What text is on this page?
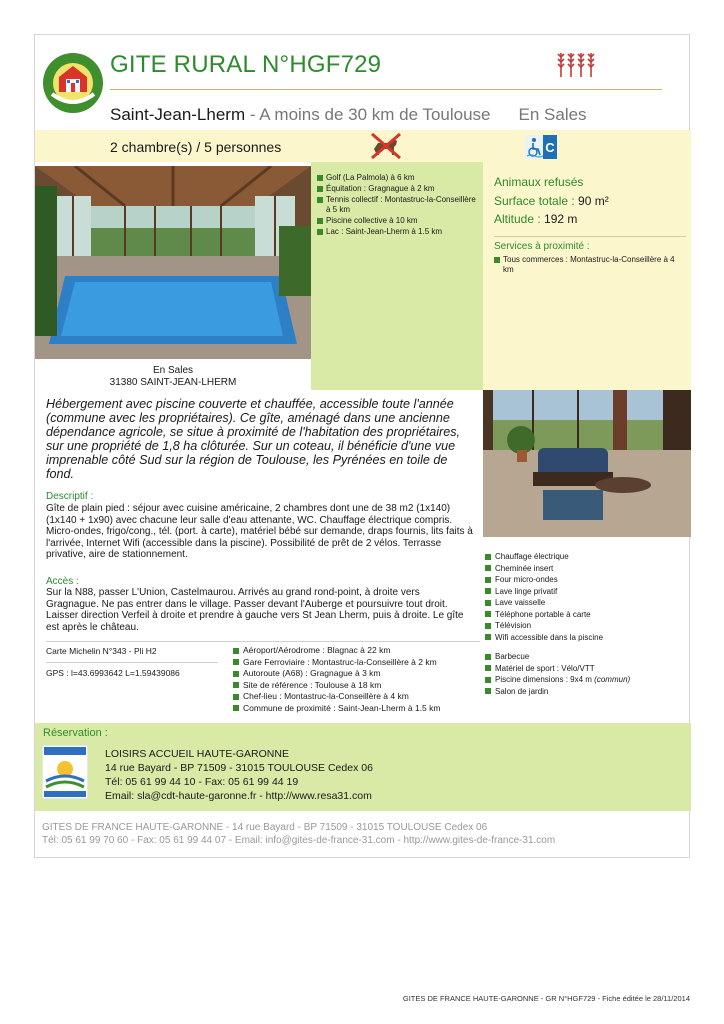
GITE RURAL N°HGF729
Saint-Jean-Lherm - A moins de 30 km de Toulouse En Sales
2 chambre(s) / 5 personnes	C
En Sales
31380 SAINT-JEAN-LHERM
Golf (La Palmola) à 6 km
Équitation : Gragnague à 2 km
Tennis collectif : Montastruc-la-Conseillère à 5 km
Piscine collective à 10 km
Lac : Saint-Jean-Lherm à 1.5 km
Animaux refusés
Surface totale : 90 m²
Altitude : 192 m
Services à proximité :
Tous commerces : Montastruc-la-Conseillère à 4 km
Hébergement avec piscine couverte et chauffée, accessible toute l'année (commune avec les propriétaires). Ce gîte, aménagé dans une ancienne dépendance agricole, se situe à proximité de l'habitation des propriétaires, sur une propriété de 1,8 ha clôturée. Sur un coteau, il bénéficie d'une vue imprenable côté Sud sur la région de Toulouse, les Pyrénées en toile de fond.
Descriptif :
Gîte de plain pied : séjour avec cuisine américaine, 2 chambres dont une de 38 m2 (1x140) (1x140 + 1x90) avec chacune leur salle d'eau attenante, WC. Chauffage électrique compris. Micro-ondes, frigo/cong., tél. (port. à carte), matériel bébé sur demande, draps fournis, lits faits à l'arrivée, Internet Wifi (accessible dans la piscine). Possibilité de prêt de 2 vélos. Terrasse privative, aire de stationnement.
Accès :
Sur la N88, passer L'Union, Castelmaurou. Arrivés au grand rond-point, à droite vers Gragnague. Ne pas entrer dans le village. Passer devant l'Auberge et poursuivre tout droit. Laisser direction Verfeil à droite et prendre à gauche vers St Jean Lherm, puis à droite. Le gîte est après le château.
Chauffage électrique
Cheminée insert
Four micro-ondes
Lave linge privatif
Lave vaisselle
Téléphone portable à carte
Télévision
Wifi accessible dans la piscine
Barbecue
Matériel de sport : Vélo/VTT
Piscine dimensions : 9x4 m (commun)
Salon de jardin
Carte Michelin N°343 - Pli H2
GPS : l=43.6993642 L=1.59439086
Aéroport/Aérodrome : Blagnac à 22 km
Gare Ferroviaire : Montastruc-la-Conseillère à 2 km
Autoroute (A68) : Gragnague à 3 km
Site de référence : Toulouse à 18 km
Chef-lieu : Montastruc-la-Conseillère à 4 km
Commune de proximité : Saint-Jean-Lherm à 1.5 km
Réservation :
LOISIRS ACCUEIL HAUTE-GARONNE
14 rue Bayard - BP 71509 - 31015 TOULOUSE Cedex 06
Tél: 05 61 99 44 10 - Fax: 05 61 99 44 19
Email: sla@cdt-haute-garonne.fr - http://www.resa31.com
GITES DE FRANCE HAUTE-GARONNE - 14 rue Bayard - BP 71509 - 31015 TOULOUSE Cedex 06
Tél: 05 61 99 70 60 - Fax: 05 61 99 44 07 - Email: info@gites-de-france-31.com - http://www.gites-de-france-31.com
GITES DE FRANCE HAUTE-GARONNE - GR N°HGF729 - Fiche éditée le 28/11/2014
